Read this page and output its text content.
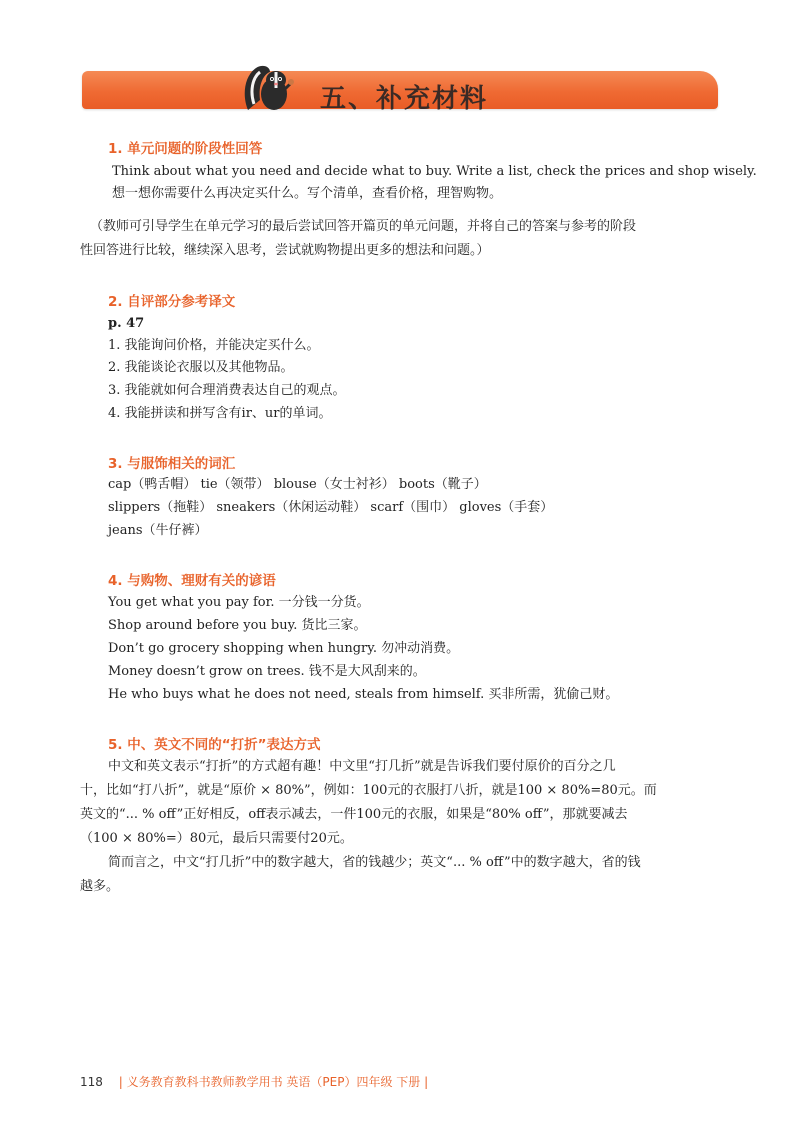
五、补充材料
1. 单元问题的阶段性回答
Think about what you need and decide what to buy. Write a list, check the prices and shop wisely.
想一想你需要什么再决定买什么。写个清单，查看价格，理智购物。
（教师可引导学生在单元学习的最后尝试回答开篇页的单元问题，并将自己的答案与参考的阶段
性回答进行比较，继续深入思考，尝试就购物提出更多的想法和问题。）
2. 自评部分参考译文
p. 47
1. 我能询问价格，并能决定买什么。
2. 我能谈论衣服以及其他物品。
3. 我能就如何合理消费表达自己的观点。
4. 我能拼读和拼写含有ir、ur的单词。
3. 与服饰相关的词汇
cap（鸭舌帽） tie（领带） blouse（女士衬衫） boots（靴子）
slippers（拖鞋） sneakers（休闲运动鞋） scarf（围巾） gloves（手套）
jeans（牛仔裤）
4. 与购物、理财有关的谚语
You get what you pay for. 一分钱一分货。
Shop around before you buy. 货比三家。
Don’t go grocery shopping when hungry. 勿冲动消费。
Money doesn’t grow on trees. 钱不是大风刮来的。
He who buys what he does not need, steals from himself. 买非所需，犹偷己财。
5. 中、英文不同的“打折”表达方式
中文和英文表示“打折”的方式超有趣！中文里“打几折”就是告诉我们要付原价的百分之几
十，比如“打八折”，就是“原价 × 80%”，例如：100元的衣服打八折，就是100 × 80%=80元。而
英文的“... % off”正好相反，off表示减去，一件100元的衣服，如果是“80% off”，那就要减去
（100 × 80%=）80元，最后只需要付20元。
简而言之，中文“打几折”中的数字越大，省的钱越少；英文“... % off”中的数字越大，省的钱
越多。
118 | 义务教育教科书教师教学用书 英语（PEP）四年级 下册 |
